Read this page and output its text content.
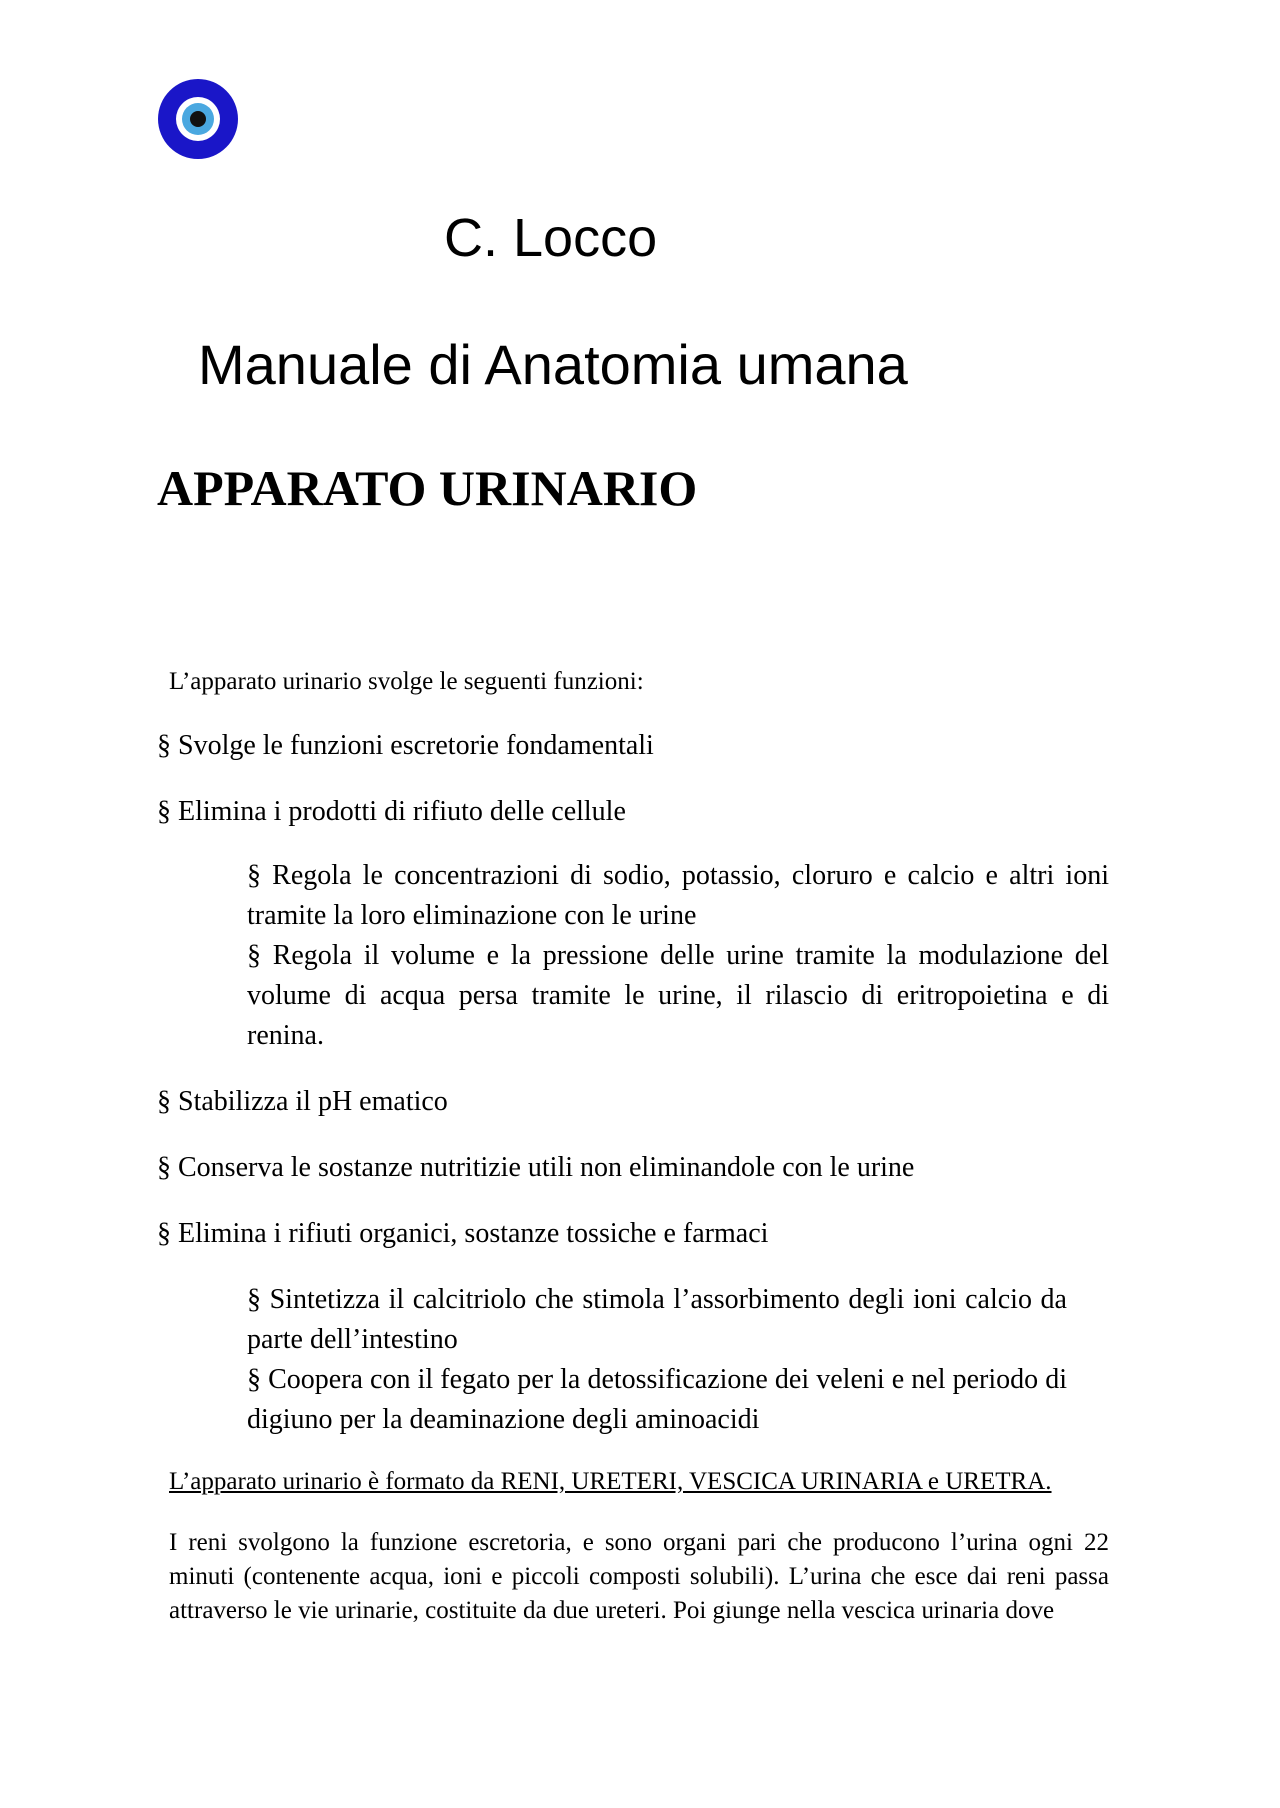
C. Locco
Manuale di Anatomia umana
APPARATO URINARIO
L’apparato urinario svolge le seguenti funzioni:
§ Svolge le funzioni escretorie fondamentali
§ Elimina i prodotti di rifiuto delle cellule

§ Regola le concentrazioni di sodio, potassio, cloruro e calcio e altri ioni tramite la loro eliminazione con le urine

§ Regola il volume e la pressione delle urine tramite la modulazione del volume di acqua persa tramite le urine, il rilascio di eritropoietina e di renina.

§ Stabilizza il pH ematico
§ Conserva le sostanze nutritizie utili non eliminandole con le urine
§ Elimina i rifiuti organici, sostanze tossiche e farmaci

§ Sintetizza il calcitriolo che stimola l’assorbimento degli ioni calcio da parte dell’intestino

§ Coopera con il fegato per la detossificazione dei veleni e nel periodo di digiuno per la deaminazione degli aminoacidi

L’apparato urinario è formato da RENI, URETERI, VESCICA URINARIA e URETRA.

I reni svolgono la funzione escretoria, e sono organi pari che producono l’urina ogni 22 minuti (contenente acqua, ioni e piccoli composti solubili). L’urina che esce dai reni passa attraverso le vie urinarie, costituite da due ureteri. Poi giunge nella vescica urinaria dove
